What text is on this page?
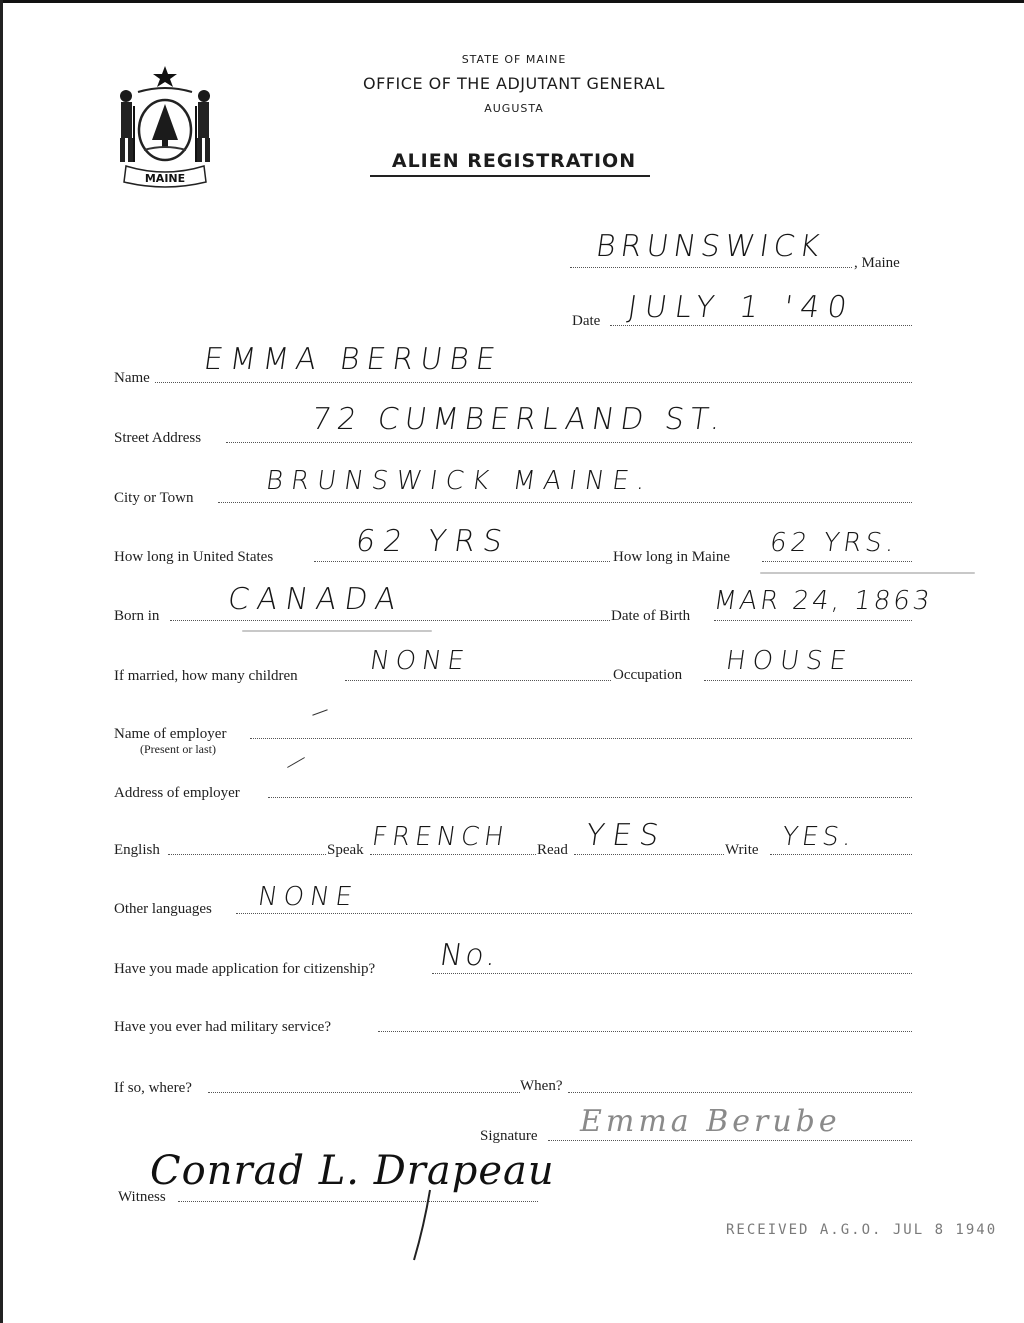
MAINE
STATE OF MAINE
OFFICE OF THE ADJUTANT GENERAL
AUGUSTA
ALIEN REGISTRATION
BRUNSWICK , Maine
Date JULY 1 '40
Name
EMMA BERUBE
Street Address
72 CUMBERLAND ST.
City or Town
BRUNSWICK MAINE.
How long in United States	62 YRS	How long in Maine 62 YRS.
Born in CANADA	Date of Birth MAR 24, 1863
If married, how many children	NONE	Occupation HOUSE
Name of employer
(Present or last)
Address of employer
English	Speak FRENCH Read YES	Write YES.
Other languages NONE
Have you made application for citizenship? No.
Have you ever had military service?
If so, where?	When?
Signature Emma Berube
Witness
Conrad L. Drapeau
RECEIVED A.G.O. JUL 8 1940
